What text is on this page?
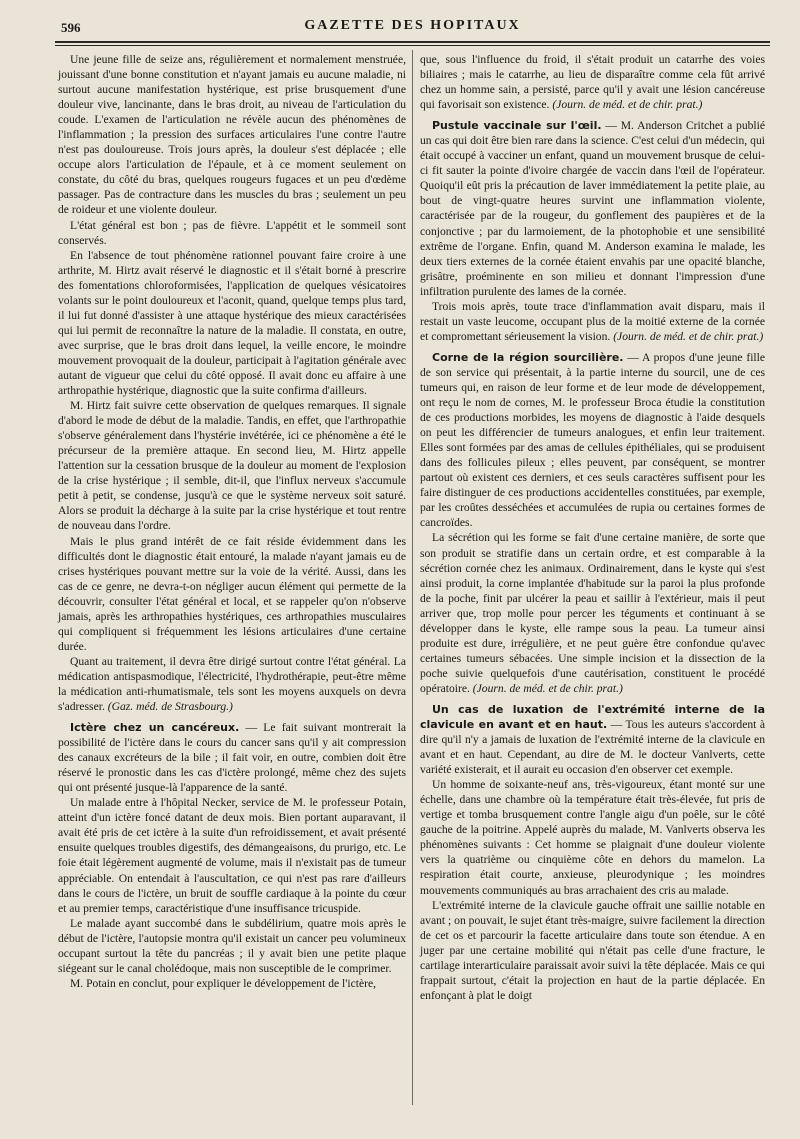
596	GAZETTE DES HOPITAUX

Une jeune fille de seize ans, régulièrement et normalement menstruée, jouissant d'une bonne constitution et n'ayant jamais eu aucune maladie, ni surtout aucune manifestation hystérique, est prise brusquement d'une douleur vive, lancinante, dans le bras droit, au niveau de l'articulation du coude. L'examen de l'articulation ne révèle aucun des phénomènes de l'inflammation ; la pression des surfaces articulaires l'une contre l'autre n'est pas douloureuse. Trois jours après, la douleur s'est déplacée ; elle occupe alors l'articulation de l'épaule, et à ce moment seulement on constate, du côté du bras, quelques rougeurs fugaces et un peu d'œdème passager. Pas de contracture dans les muscles du bras ; seulement un peu de roideur et une violente douleur.

L'état général est bon ; pas de fièvre. L'appétit et le sommeil sont conservés.

En l'absence de tout phénomène rationnel pouvant faire croire à une arthrite, M. Hirtz avait réservé le diagnostic et il s'était borné à prescrire des fomentations chloroformisées, l'application de quelques vésicatoires volants sur le point douloureux et l'aconit, quand, quelque temps plus tard, il lui fut donné d'assister à une attaque hystérique des mieux caractérisées qui lui permit de reconnaître la nature de la maladie. Il constata, en outre, avec surprise, que le bras droit dans lequel, la veille encore, le moindre mouvement provoquait de la douleur, participait à l'agitation générale avec autant de vigueur que celui du côté opposé. Il avait donc eu affaire à une arthropathie hystérique, diagnostic que la suite confirma d'ailleurs.

M. Hirtz fait suivre cette observation de quelques remarques. Il signale d'abord le mode de début de la maladie. Tandis, en effet, que l'arthropathie s'observe généralement dans l'hystérie invétérée, ici ce phénomène a été le précurseur de la première attaque. En second lieu, M. Hirtz appelle l'attention sur la cessation brusque de la douleur au moment de l'explosion de la crise hystérique ; il semble, dit-il, que l'influx nerveux s'accumule petit à petit, se condense, jusqu'à ce que le système nerveux soit saturé. Alors se produit la décharge à la suite par la crise hystérique et tout rentre de nouveau dans l'ordre.

Mais le plus grand intérêt de ce fait réside évidemment dans les difficultés dont le diagnostic était entouré, la malade n'ayant jamais eu de crises hystériques pouvant mettre sur la voie de la vérité. Aussi, dans les cas de ce genre, ne devra-t-on négliger aucun élément qui permette de la découvrir, consulter l'état général et local, et se rappeler qu'on n'observe jamais, après les arthropathies hystériques, ces arthropathies musculaires qui compliquent si fréquemment les lésions articulaires d'une certaine durée.

Quant au traitement, il devra être dirigé surtout contre l'état général. La médication antispasmodique, l'électricité, l'hydrothérapie, peut-être même la médication anti-rhumatismale, tels sont les moyens auxquels on devra s'adresser. (Gaz. méd. de Strasbourg.)

Ictère chez un cancéreux. — Le fait suivant montrerait la possibilité de l'ictère dans le cours du cancer sans qu'il y ait compression des canaux excréteurs de la bile ; il fait voir, en outre, combien doit être réservé le pronostic dans les cas d'ictère prolongé, même chez des sujets qui ont présenté jusque-là l'apparence de la santé.

Un malade entre à l'hôpital Necker, service de M. le professeur Potain, atteint d'un ictère foncé datant de deux mois. Bien portant auparavant, il avait été pris de cet ictère à la suite d'un refroidissement, et avait présenté ensuite quelques troubles digestifs, des démangeaisons, du prurigo, etc. Le foie était légèrement augmenté de volume, mais il n'existait pas de tumeur appréciable. On entendait à l'auscultation, ce qui n'est pas rare d'ailleurs dans le cours de l'ictère, un bruit de souffle cardiaque à la pointe du cœur et au premier temps, caractéristique d'une insuffisance tricuspide.

Le malade ayant succombé dans le subdélirium, quatre mois après le début de l'ictère, l'autopsie montra qu'il existait un cancer peu volumineux occupant surtout la tête du pancréas ; il y avait bien une petite plaque siégeant sur le canal cholédoque, mais non susceptible de le comprimer.

M. Potain en conclut, pour expliquer le développement de l'ictère,

que, sous l'influence du froid, il s'était produit un catarrhe des voies biliaires ; mais le catarrhe, au lieu de disparaître comme cela fût arrivé chez un homme sain, a persisté, parce qu'il y avait une lésion cancéreuse qui favorisait son existence. (Journ. de méd. et de chir. prat.)

Pustule vaccinale sur l'œil. — M. Anderson Critchet a publié un cas qui doit être bien rare dans la science. C'est celui d'un médecin, qui était occupé à vacciner un enfant, quand un mouvement brusque de celui-ci fit sauter la pointe d'ivoire chargée de vaccin dans l'œil de l'opérateur. Quoiqu'il eût pris la précaution de laver immédiatement la petite plaie, au bout de vingt-quatre heures survint une inflammation violente, caractérisée par de la rougeur, du gonflement des paupières et de la conjonctive ; par du larmoiement, de la photophobie et une sensibilité extrême de l'organe. Enfin, quand M. Anderson examina le malade, les deux tiers externes de la cornée étaient envahis par une opacité blanche, grisâtre, proéminente en son milieu et donnant l'impression d'une infiltration purulente des lames de la cornée.

Trois mois après, toute trace d'inflammation avait disparu, mais il restait un vaste leucome, occupant plus de la moitié externe de la cornée et compromettant sérieusement la vision. (Journ. de méd. et de chir. prat.)

Corne de la région sourcilière. — A propos d'une jeune fille de son service qui présentait, à la partie interne du sourcil, une de ces tumeurs qui, en raison de leur forme et de leur mode de développement, ont reçu le nom de cornes, M. le professeur Broca étudie la constitution de ces productions morbides, les moyens de diagnostic à l'aide desquels on peut les différencier de tumeurs analogues, et enfin leur traitement. Elles sont formées par des amas de cellules épithéliales, qui se produisent dans des follicules pileux ; elles peuvent, par conséquent, se montrer partout où existent ces derniers, et ces seuls caractères suffisent pour les faire distinguer de ces productions accidentelles constituées, par exemple, par les croûtes desséchées et accumulées de rupia ou certaines formes de cancroïdes.

La sécrétion qui les forme se fait d'une certaine manière, de sorte que son produit se stratifie dans un certain ordre, et est comparable à la sécrétion cornée chez les animaux. Ordinairement, dans le kyste qui s'est ainsi produit, la corne implantée d'habitude sur la paroi la plus profonde de la poche, finit par ulcérer la peau et saillir à l'extérieur, mais il peut arriver que, trop molle pour percer les téguments et continuant à se développer dans le kyste, elle rampe sous la peau. La tumeur ainsi produite est dure, irrégulière, et ne peut guère être confondue qu'avec certaines tumeurs sébacées. Une simple incision et la dissection de la poche suivie quelquefois d'une cautérisation, constituent le procédé opératoire. (Journ. de méd. et de chir. prat.)

Un cas de luxation de l'extrémité interne de la clavicule en avant et en haut. — Tous les auteurs s'accordent à dire qu'il n'y a jamais de luxation de l'extrémité interne de la clavicule en avant et en haut. Cependant, au dire de M. le docteur Vanlverts, cette variété existerait, et il aurait eu occasion d'en observer cet exemple.

Un homme de soixante-neuf ans, très-vigoureux, étant monté sur une échelle, dans une chambre où la température était très-élevée, fut pris de vertige et tomba brusquement contre l'angle aigu d'un poêle, sur le côté gauche de la poitrine. Appelé auprès du malade, M. Vanlverts observa les phénomènes suivants : Cet homme se plaignait d'une douleur violente vers la quatrième ou cinquième côte en dehors du mamelon. La respiration était courte, anxieuse, pleurodynique ; les moindres mouvements communiqués au bras arrachaient des cris au malade.

L'extrémité interne de la clavicule gauche offrait une saillie notable en avant ; on pouvait, le sujet étant très-maigre, suivre facilement la direction de cet os et parcourir la facette articulaire dans toute son étendue. A en juger par une certaine mobilité qui n'était pas celle d'une fracture, le cartilage interarticulaire paraissait avoir suivi la tête déplacée. Mais ce qui frappait surtout, c'était la projection en haut de la partie déplacée. En enfonçant à plat le doigt
